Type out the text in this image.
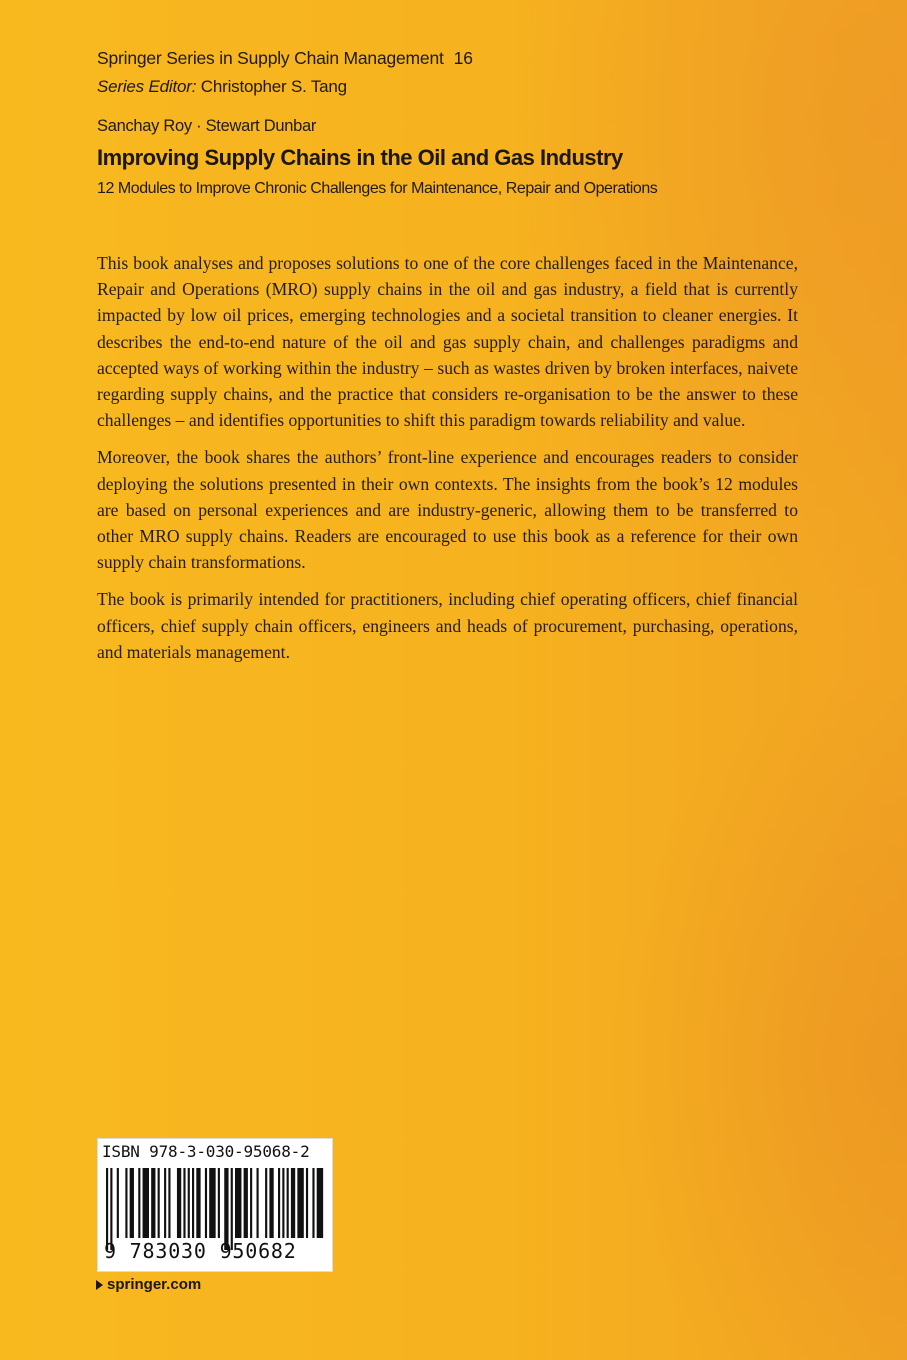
Springer Series in Supply Chain Management 16
Series Editor: Christopher S. Tang
Sanchay Roy · Stewart Dunbar
Improving Supply Chains in the Oil and Gas Industry
12 Modules to Improve Chronic Challenges for Maintenance, Repair and Operations

This book analyses and proposes solutions to one of the core challenges faced in the Maintenance, Repair and Operations (MRO) supply chains in the oil and gas industry, a field that is currently impacted by low oil prices, emerging technologies and a societal transition to cleaner energies. It describes the end-to-end nature of the oil and gas supply chain, and challenges paradigms and accepted ways of working within the industry – such as wastes driven by broken interfaces, naivete regarding supply chains, and the practice that considers re-organisation to be the answer to these challenges – and identifies opportunities to shift this paradigm towards reliability and value.

Moreover, the book shares the authors’ front-line experience and encourages readers to consider deploying the solutions presented in their own contexts. The insights from the book’s 12 modules are based on personal experiences and are industry-generic, allowing them to be transferred to other MRO supply chains. Readers are encouraged to use this book as a reference for their own supply chain transformations.

The book is primarily intended for practitioners, including chief operating officers, chief financial officers, chief supply chain officers, engineers and heads of procurement, purchasing, operations, and materials management.

ISBN 978-3-030-95068-2
9 783030 950682
springer.com
